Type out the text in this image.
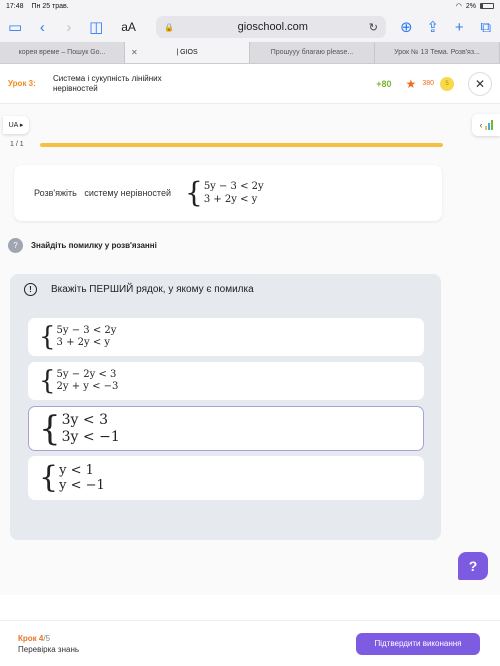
17:48 Пн 25 трав.	◠ 2%
▭ ‹ › ◫ аА	🔒	gioschool.com	↻ ⊕ ⇪ + ⧉
корея време – Пошук Go...	✕	| GIOS	Прошууу благаю please...	Урок № 13 Тема. Розв'яз...
Урок 3:
Система і сукупність лінійних нерівностей	+80 ★ 380	5	✕
UA ▸	‹
1 / 1
Розв'яжіть   систему нерівностей { 5y − 3 < 2y
3 + 2y < y
?	Знайдіть помилку у розв'язанні
!	Вкажіть ПЕРШИЙ рядок, у якому є помилка
{ 5y − 3 < 2y
3 + 2y < y
{ 5y − 2y < 3
2y + y < −3
{ 3y < 3
3y < −1
{ y < 1
y < −1
?
Крок 4/5
Перевірка знань
Підтвердити виконання
